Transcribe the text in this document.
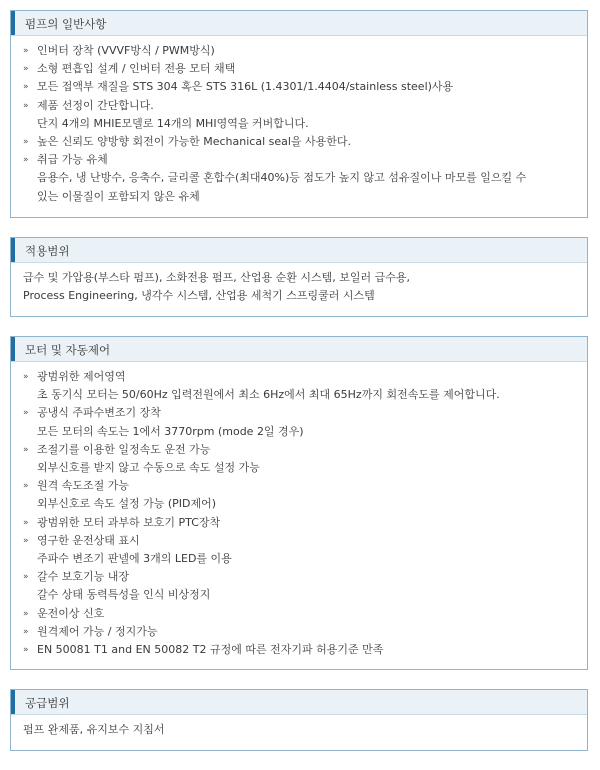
펌프의 일반사항
» 인버터 장착 (VVVF방식 / PWM방식)
» 소형 편흡입 설계 / 인버터 전용 모터 채택
» 모든 접액부 재질을 STS 304 혹은 STS 316L (1.4301/1.4404/stainless steel)사용
» 제품 선정이 간단합니다.
단지 4개의 MHIE모델로 14개의 MHI영역을 커버합니다.
» 높은 신뢰도 양방향 회전이 가능한 Mechanical seal을 사용한다.
» 취급 가능 유체
음용수, 냉 난방수, 응축수, 글리콜 혼합수(최대40%)등 점도가 높지 않고 섬유질이나 마모를 일으킬 수
있는 이물질이 포함되지 않은 유체
적용범위

급수 및 가압용(부스타 펌프), 소화전용 펌프, 산업용 순환 시스템, 보일러 급수용,

Process Engineering, 냉각수 시스템, 산업용 세척기 스프링쿨러 시스템

모터 및 자동제어
» 광범위한 제어영역
초 동기식 모터는 50/60Hz 입력전원에서 최소 6Hz에서 최대 65Hz까지 회전속도를 제어합니다.
» 공냉식 주파수변조기 장착
모든 모터의 속도는 1에서 3770rpm (mode 2일 경우)
» 조절기를 이용한 일정속도 운전 가능
외부신호를 받지 않고 수동으로 속도 설정 가능
» 원격 속도조절 가능
외부신호로 속도 설정 가능 (PID제어)
» 광범위한 모터 과부하 보호기 PTC장착
» 영구한 운전상태 표시
주파수 변조기 판넬에 3개의 LED를 이용
» 갈수 보호기능 내장
갈수 상태 동력특성을 인식 비상정지
» 운전이상 신호
» 원격제어 가능 / 정지가능
» EN 50081 T1 and EN 50082 T2 규정에 따른 전자기파 허용기준 만족
공급범위

펌프 완제품, 유지보수 지침서
